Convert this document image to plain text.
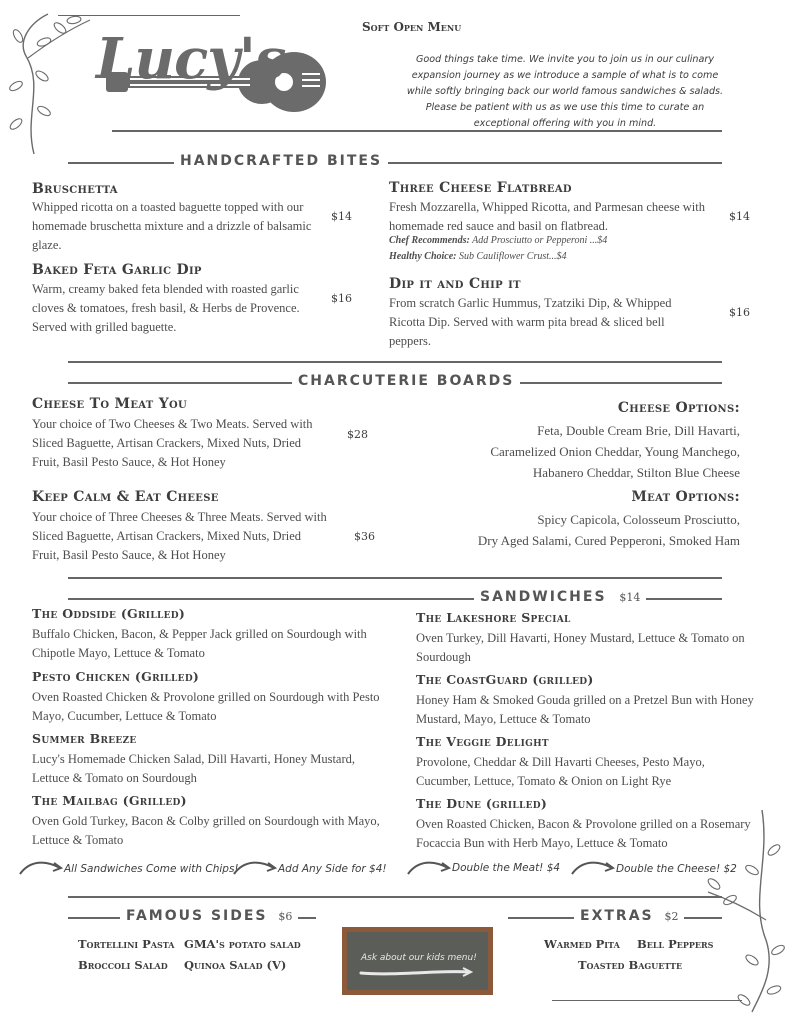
Soft Open Menu
Lucy's	Good things take time. We invite you to join us in our culinary expansion journey as we introduce a sample of what is to come while softly bringing back our world famous sandwiches & salads. Please be patient with us as we use this time to curate an exceptional offering with you in mind.
HANDCRAFTED BITES
Bruschetta
Whipped ricotta on a toasted baguette topped with our homemade bruschetta mixture and a drizzle of balsamic glaze.
$14
Baked Feta Garlic Dip
Warm, creamy baked feta blended with roasted garlic cloves & tomatoes, fresh basil, & Herbs de Provence. Served with grilled baguette.
$16
Three Cheese Flatbread
Fresh Mozzarella, Whipped Ricotta, and Parmesan cheese with homemade red sauce and basil on flatbread.
Chef Recommends: Add Prosciutto or Pepperoni ...$4
Healthy Choice: Sub Cauliflower Crust...$4
$14
Dip it and Chip it
From scratch Garlic Hummus, Tzatziki Dip, & Whipped Ricotta Dip. Served with warm pita bread & sliced bell peppers.
$16
CHARCUTERIE BOARDS
Cheese To Meat You
Your choice of Two Cheeses & Two Meats. Served with Sliced Baguette, Artisan Crackers, Mixed Nuts, Dried Fruit, Basil Pesto Sauce, & Hot Honey
$28
Keep Calm & Eat Cheese
Your choice of Three Cheeses & Three Meats. Served with Sliced Baguette, Artisan Crackers, Mixed Nuts, Dried Fruit, Basil Pesto Sauce, & Hot Honey
$36
Cheese Options:
Feta, Double Cream Brie, Dill Havarti,
Caramelized Onion Cheddar, Young Manchego,
Habanero Cheddar, Stilton Blue Cheese
Meat Options:
Spicy Capicola, Colosseum Prosciutto,
Dry Aged Salami, Cured Pepperoni, Smoked Ham
SANDWICHES $14
The Oddside (Grilled)
Buffalo Chicken, Bacon, & Pepper Jack grilled on Sourdough with Chipotle Mayo, Lettuce & Tomato
Pesto Chicken (Grilled)
Oven Roasted Chicken & Provolone grilled on Sourdough with Pesto Mayo, Cucumber, Lettuce & Tomato
Summer Breeze
Lucy's Homemade Chicken Salad, Dill Havarti, Honey Mustard, Lettuce & Tomato on Sourdough
The Mailbag (Grilled)
Oven Gold Turkey, Bacon & Colby grilled on Sourdough with Mayo, Lettuce & Tomato
The Lakeshore Special
Oven Turkey, Dill Havarti, Honey Mustard, Lettuce & Tomato on Sourdough
The CoastGuard (grilled)
Honey Ham & Smoked Gouda grilled on a Pretzel Bun with Honey Mustard, Mayo, Lettuce & Tomato
The Veggie Delight
Provolone, Cheddar & Dill Havarti Cheeses, Pesto Mayo, Cucumber, Lettuce, Tomato & Onion on Light Rye
The Dune (grilled)
Oven Roasted Chicken, Bacon & Provolone grilled on a Rosemary Focaccia Bun with Herb Mayo, Lettuce & Tomato
All Sandwiches Come with Chips!	Add Any Side for $4!	Double the Meat! $4	Double the Cheese! $2
FAMOUS SIDES $6
Tortellini Pasta GMA's potato salad
Broccoli Salad Quinoa Salad (V)	Ask about our kids menu!
EXTRAS $2
Warmed Pita Bell Peppers
Toasted Baguette
